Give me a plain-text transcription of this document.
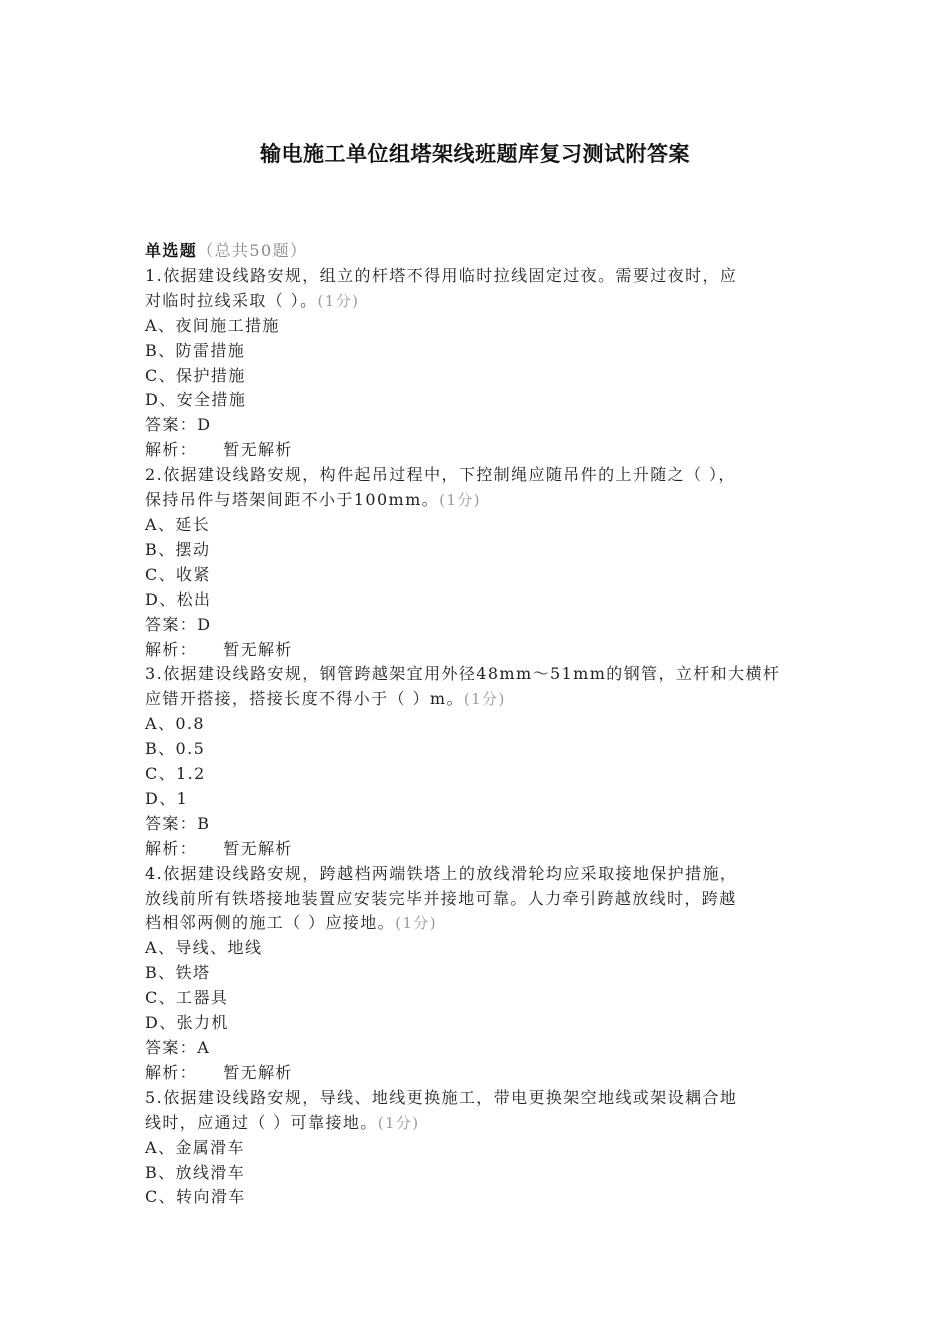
输电施工单位组塔架线班题库复习测试附答案
单选题（总共50题）
1.依据建设线路安规，组立的杆塔不得用临时拉线固定过夜。需要过夜时，应
对临时拉线采取（ ）。(1分)
A、夜间施工措施
B、防雷措施
C、保护措施
D、安全措施
答案：D
解析： 暂无解析
2.依据建设线路安规，构件起吊过程中，下控制绳应随吊件的上升随之（ ），
保持吊件与塔架间距不小于100mm。(1分)
A、延长
B、摆动
C、收紧
D、松出
答案：D
解析： 暂无解析
3.依据建设线路安规，钢管跨越架宜用外径48mm～51mm的钢管，立杆和大横杆
应错开搭接，搭接长度不得小于（ ）m。(1分)
A、0.8
B、0.5
C、1.2
D、1
答案：B
解析： 暂无解析
4.依据建设线路安规，跨越档两端铁塔上的放线滑轮均应采取接地保护措施，
放线前所有铁塔接地装置应安装完毕并接地可靠。人力牵引跨越放线时，跨越
档相邻两侧的施工（ ）应接地。(1分)
A、导线、地线
B、铁塔
C、工器具
D、张力机
答案：A
解析： 暂无解析
5.依据建设线路安规，导线、地线更换施工，带电更换架空地线或架设耦合地
线时，应通过（ ）可靠接地。(1分)
A、金属滑车
B、放线滑车
C、转向滑车
